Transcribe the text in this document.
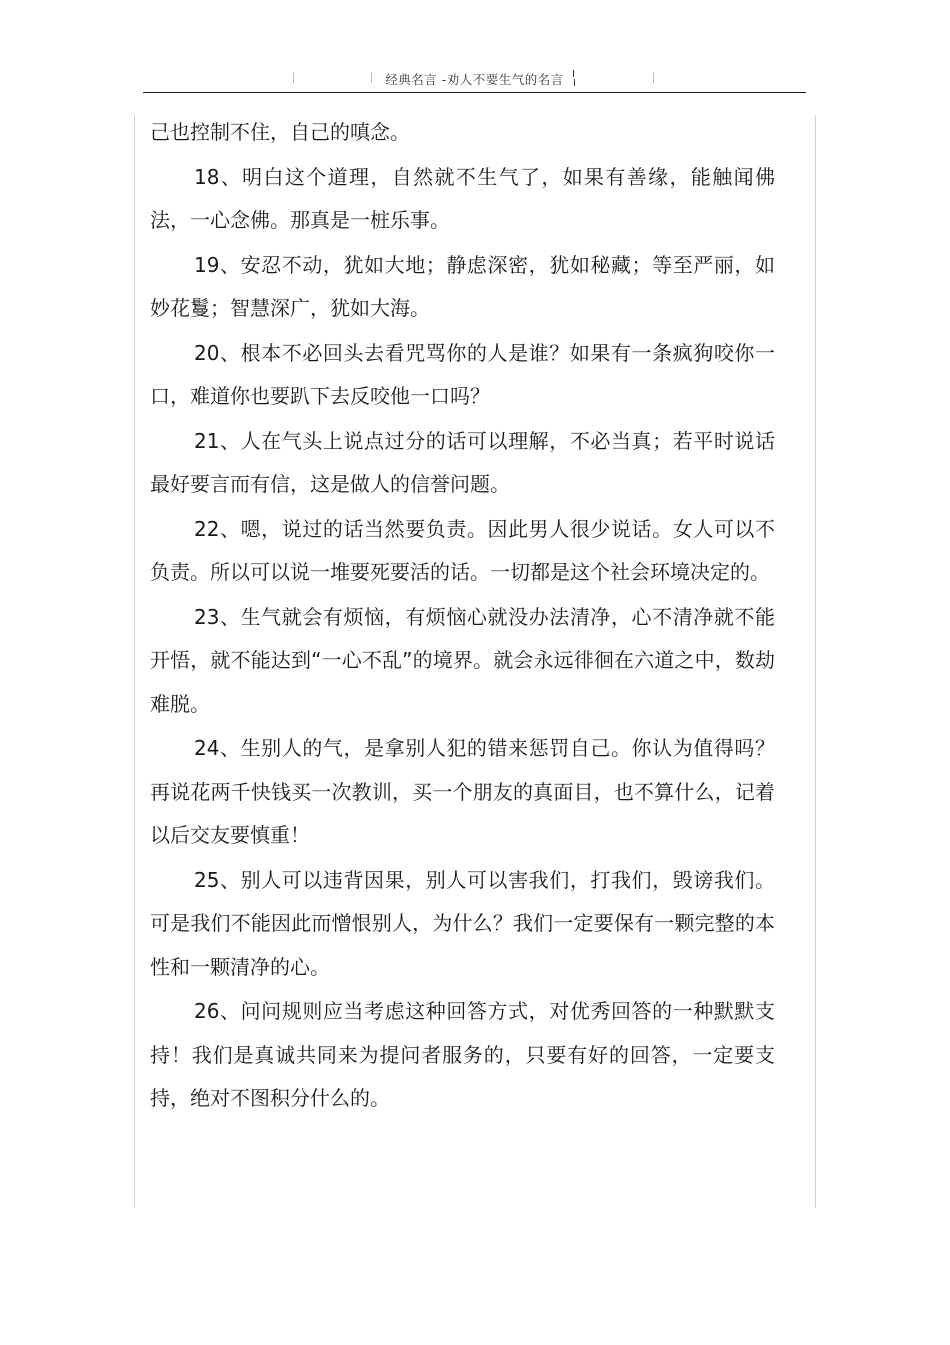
经典名言 -劝人不要生气的名言

己也控制不住，自己的嗔念。

18、明白这个道理，自然就不生气了，如果有善缘，能触闻佛法，一心念佛。那真是一桩乐事。

19、安忍不动，犹如大地；静虑深密，犹如秘藏；等至严丽，如妙花鬘；智慧深广，犹如大海。

20、根本不必回头去看咒骂你的人是谁？如果有一条疯狗咬你一口，难道你也要趴下去反咬他一口吗？

21、人在气头上说点过分的话可以理解，不必当真；若平时说话最好要言而有信，这是做人的信誉问题。

22、嗯，说过的话当然要负责。因此男人很少说话。女人可以不负责。所以可以说一堆要死要活的话。一切都是这个社会环境决定的。

23、生气就会有烦恼，有烦恼心就没办法清净，心不清净就不能开悟，就不能达到“一心不乱”的境界。就会永远徘徊在六道之中，数劫难脱。

24、生别人的气，是拿别人犯的错来惩罚自己。你认为值得吗？再说花两千快钱买一次教训，买一个朋友的真面目，也不算什么，记着以后交友要慎重！

25、别人可以违背因果，别人可以害我们，打我们，毁谤我们。可是我们不能因此而憎恨别人，为什么？我们一定要保有一颗完整的本性和一颗清净的心。

26、问问规则应当考虑这种回答方式，对优秀回答的一种默默支持！我们是真诚共同来为提问者服务的，只要有好的回答，一定要支持，绝对不图积分什么的。
